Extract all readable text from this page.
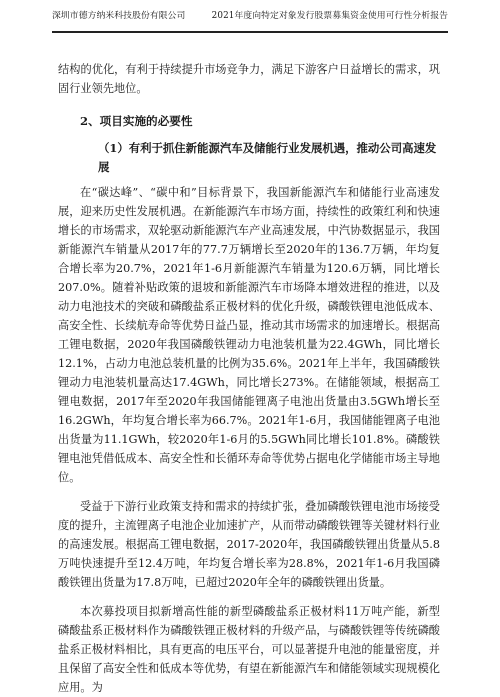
深圳市德方纳米科技股份有限公司	2021年度向特定对象发行股票募集资金使用可行性分析报告

结构的优化，有利于持续提升市场竞争力，满足下游客户日益增长的需求，巩固行业领先地位。

2、项目实施的必要性
（1）有利于抓住新能源汽车及储能行业发展机遇，推动公司高速发展

在“碳达峰”、“碳中和”目标背景下，我国新能源汽车和储能行业高速发展，迎来历史性发展机遇。在新能源汽车市场方面，持续性的政策红利和快速增长的市场需求，双轮驱动新能源汽车产业高速发展，中汽协数据显示，我国新能源汽车销量从2017年的77.7万辆增长至2020年的136.7万辆，年均复合增长率为20.7%，2021年1-6月新能源汽车销量为120.6万辆，同比增长207.0%。随着补贴政策的退坡和新能源汽车市场降本增效进程的推进，以及动力电池技术的突破和磷酸盐系正极材料的优化升级，磷酸铁锂电池低成本、高安全性、长续航寿命等优势日益凸显，推动其市场需求的加速增长。根据高工锂电数据，2020年我国磷酸铁锂动力电池装机量为22.4GWh，同比增长12.1%，占动力电池总装机量的比例为35.6%。2021年上半年，我国磷酸铁锂动力电池装机量高达17.4GWh，同比增长273%。在储能领域，根据高工锂电数据，2017年至2020年我国储能锂离子电池出货量由3.5GWh增长至16.2GWh，年均复合增长率为66.7%。2021年1-6月，我国储能锂离子电池出货量为11.1GWh，较2020年1-6月的5.5GWh同比增长101.8%。磷酸铁锂电池凭借低成本、高安全性和长循环寿命等优势占据电化学储能市场主导地位。

受益于下游行业政策支持和需求的持续扩张，叠加磷酸铁锂电池市场接受度的提升，主流锂离子电池企业加速扩产，从而带动磷酸铁锂等关键材料行业的高速发展。根据高工锂电数据，2017-2020年，我国磷酸铁锂出货量从5.8万吨快速提升至12.4万吨，年均复合增长率为28.8%，2021年1-6月我国磷酸铁锂出货量为17.8万吨，已超过2020年全年的磷酸铁锂出货量。

本次募投项目拟新增高性能的新型磷酸盐系正极材料11万吨产能，新型磷酸盐系正极材料作为磷酸铁锂正极材料的升级产品，与磷酸铁锂等传统磷酸盐系正极材料相比，具有更高的电压平台，可以显著提升电池的能量密度，并且保留了高安全性和低成本等优势，有望在新能源汽车和储能领域实现规模化应用。为
